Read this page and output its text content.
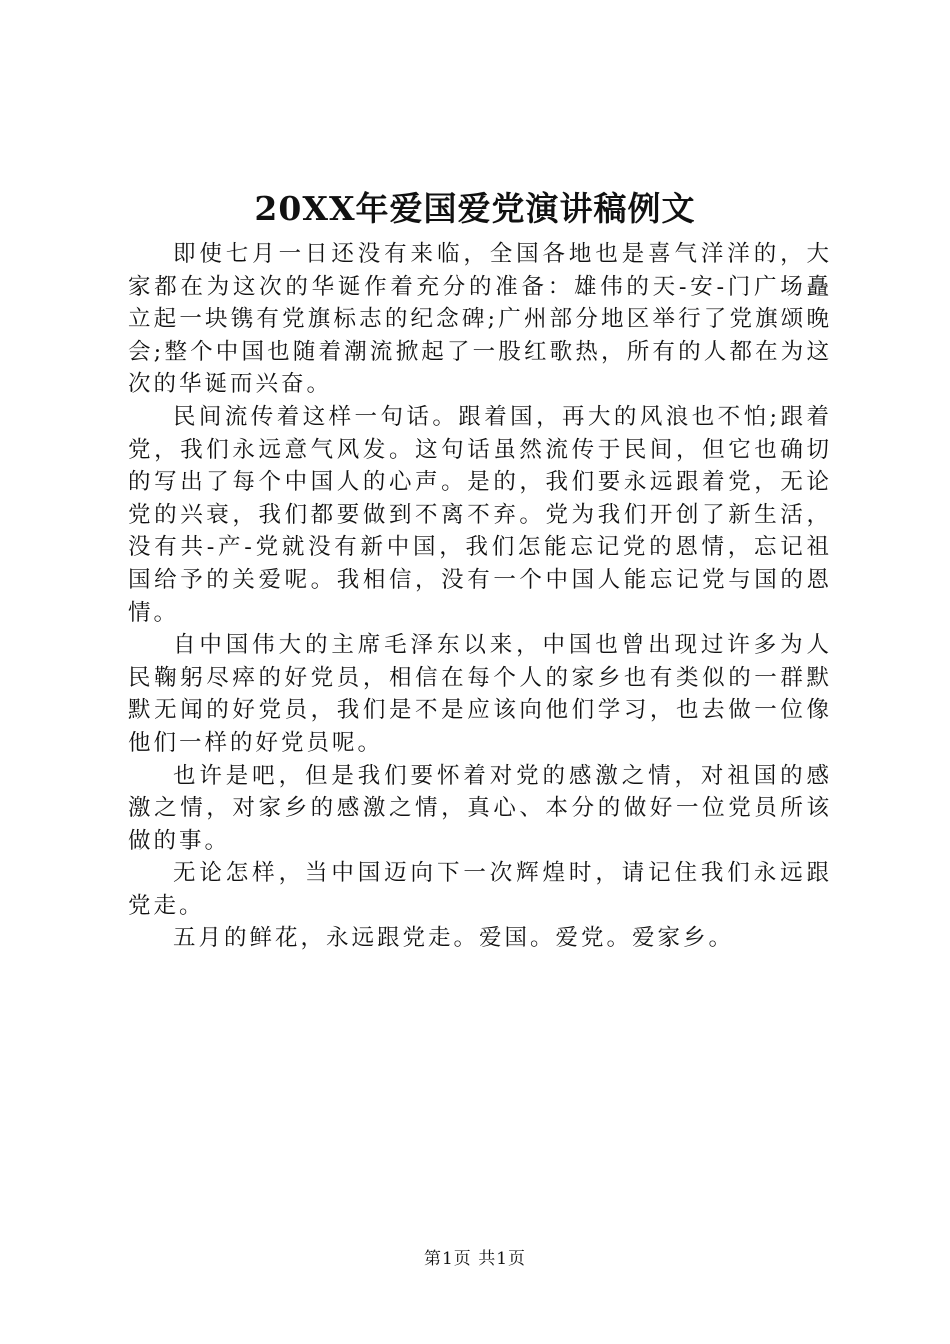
20XX年爱国爱党演讲稿例文

即使七月一日还没有来临，全国各地也是喜气洋洋的，大家都在为这次的华诞作着充分的准备：雄伟的天-安-门广场矗立起一块镌有党旗标志的纪念碑;广州部分地区举行了党旗颂晚会;整个中国也随着潮流掀起了一股红歌热，所有的人都在为这次的华诞而兴奋。

民间流传着这样一句话。跟着国，再大的风浪也不怕;跟着党，我们永远意气风发。这句话虽然流传于民间，但它也确切的写出了每个中国人的心声。是的，我们要永远跟着党，无论党的兴衰，我们都要做到不离不弃。党为我们开创了新生活，没有共-产-党就没有新中国，我们怎能忘记党的恩情，忘记祖国给予的关爱呢。我相信，没有一个中国人能忘记党与国的恩情。

自中国伟大的主席毛泽东以来，中国也曾出现过许多为人民鞠躬尽瘁的好党员，相信在每个人的家乡也有类似的一群默默无闻的好党员，我们是不是应该向他们学习，也去做一位像他们一样的好党员呢。

也许是吧，但是我们要怀着对党的感激之情，对祖国的感激之情，对家乡的感激之情，真心、本分的做好一位党员所该做的事。

无论怎样，当中国迈向下一次辉煌时，请记住我们永远跟党走。

五月的鲜花，永远跟党走。爱国。爱党。爱家乡。

第1页 共1页
